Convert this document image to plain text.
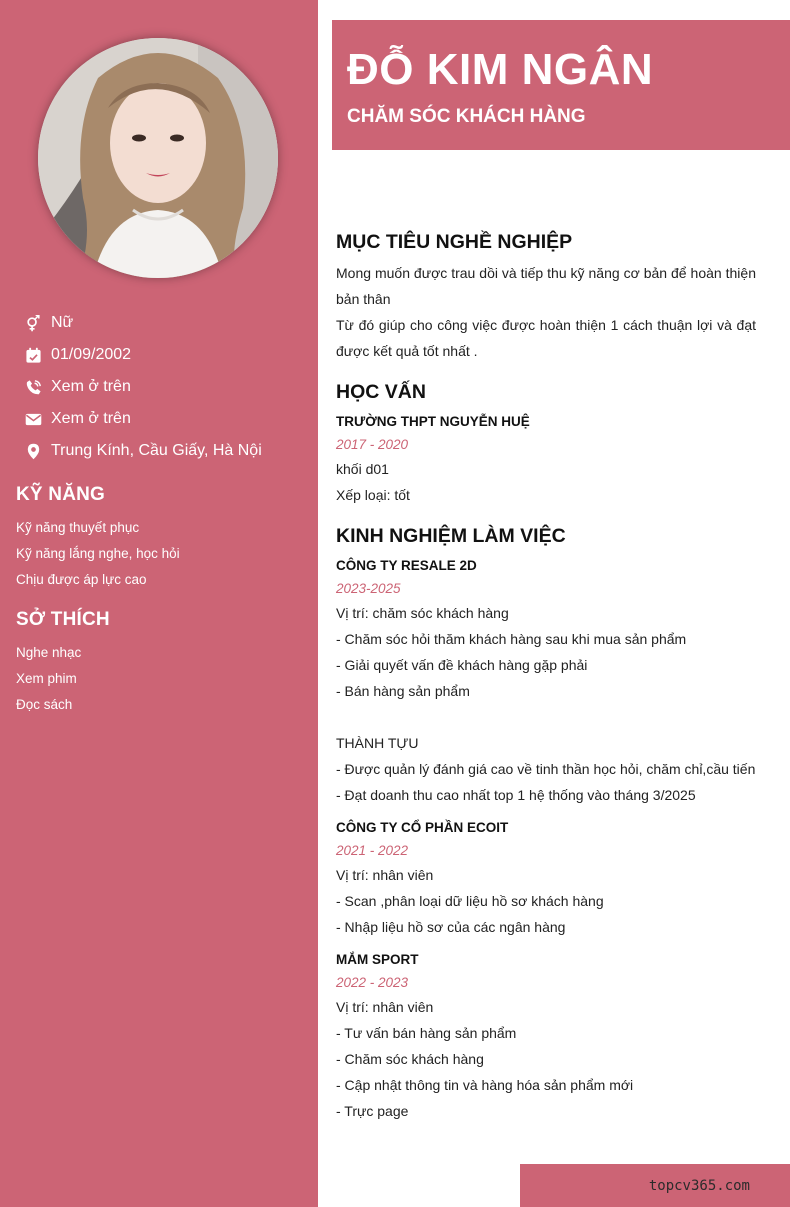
Nữ
01/09/2002
Xem ở trên
Xem ở trên
Trung Kính, Cầu Giấy, Hà Nội
KỸ NĂNG
Kỹ năng thuyết phục
Kỹ năng lắng nghe, học hỏi
Chịu được áp lực cao
SỞ THÍCH
Nghe nhạc
Xem phim
Đọc sách
ĐỖ KIM NGÂN
CHĂM SÓC KHÁCH HÀNG
MỤC TIÊU NGHỀ NGHIỆP
Mong muốn được trau dồi và tiếp thu kỹ năng cơ bản để hoàn thiện bản thân
Từ đó giúp cho công việc được hoàn thiện 1 cách thuận lợi và đạt được kết quả tốt nhất .
HỌC VẤN
TRƯỜNG THPT NGUYỄN HUỆ
2017 - 2020
khối d01
Xếp loại: tốt
KINH NGHIỆM LÀM VIỆC
CÔNG TY RESALE 2D
2023-2025
Vị trí: chăm sóc khách hàng
- Chăm sóc hỏi thăm khách hàng sau khi mua sản phẩm
- Giải quyết vấn đề khách hàng gặp phải
- Bán hàng sản phẩm
THÀNH TỰU
- Được quản lý đánh giá cao về tinh thần học hỏi, chăm chỉ,cầu tiến
- Đạt doanh thu cao nhất top 1 hệ thống vào tháng 3/2025
CÔNG TY CỔ PHẦN ECOIT
2021 - 2022
Vị trí: nhân viên
- Scan ,phân loại dữ liệu hồ sơ khách hàng
- Nhập liệu hồ sơ của các ngân hàng
MẮM SPORT
2022 - 2023
Vị trí: nhân viên
- Tư vấn bán hàng sản phẩm
- Chăm sóc khách hàng
- Cập nhật thông tin và hàng hóa sản phẩm mới
- Trực page
topcv365.com
